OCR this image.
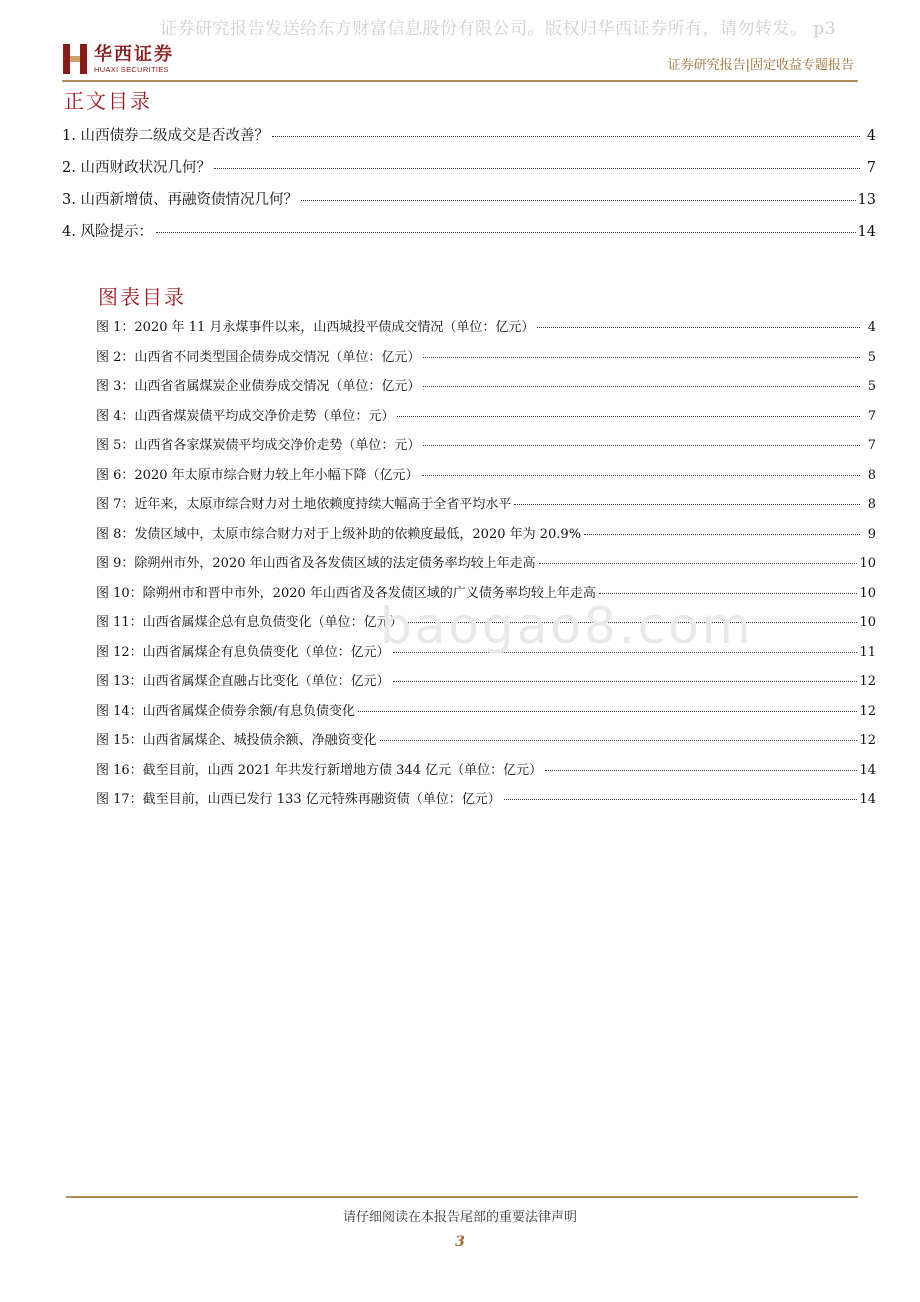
证券研究报告发送给东方财富信息股份有限公司。版权归华西证券所有，请勿转发。 p3
华西证券
HUAXI SECURITIES	证券研究报告|固定收益专题报告
正文目录
1. 山西债券二级成交是否改善？	4
2. 山西财政状况几何？	7
3. 山西新增债、再融资债情况几何？	13
4. 风险提示：	14
图表目录
图 1：2020 年 11 月永煤事件以来，山西城投平债成交情况（单位：亿元）	4
图 2：山西省不同类型国企债券成交情况（单位：亿元）	5
图 3：山西省省属煤炭企业债券成交情况（单位：亿元）	5
图 4：山西省煤炭债平均成交净价走势（单位：元）	7
图 5：山西省各家煤炭债平均成交净价走势（单位：元）	7
图 6：2020 年太原市综合财力较上年小幅下降（亿元）	8
图 7：近年来，太原市综合财力对土地依赖度持续大幅高于全省平均水平	8
图 8：发债区域中，太原市综合财力对于上级补助的依赖度最低，2020 年为 20.9%	9
图 9：除朔州市外，2020 年山西省及各发债区域的法定债务率均较上年走高	10
图 10：除朔州市和晋中市外，2020 年山西省及各发债区域的广义债务率均较上年走高	10
图 11：山西省属煤企总有息负债变化（单位：亿元）	10
图 12：山西省属煤企有息负债变化（单位：亿元）	11
图 13：山西省属煤企直融占比变化（单位：亿元）	12
图 14：山西省属煤企债券余额/有息负债变化	12
图 15：山西省属煤企、城投债余额、净融资变化	12
图 16：截至目前，山西 2021 年共发行新增地方债 344 亿元（单位：亿元）	14
图 17：截至目前，山西已发行 133 亿元特殊再融资债（单位：亿元）	14
baogao8.com
请仔细阅读在本报告尾部的重要法律声明
3
